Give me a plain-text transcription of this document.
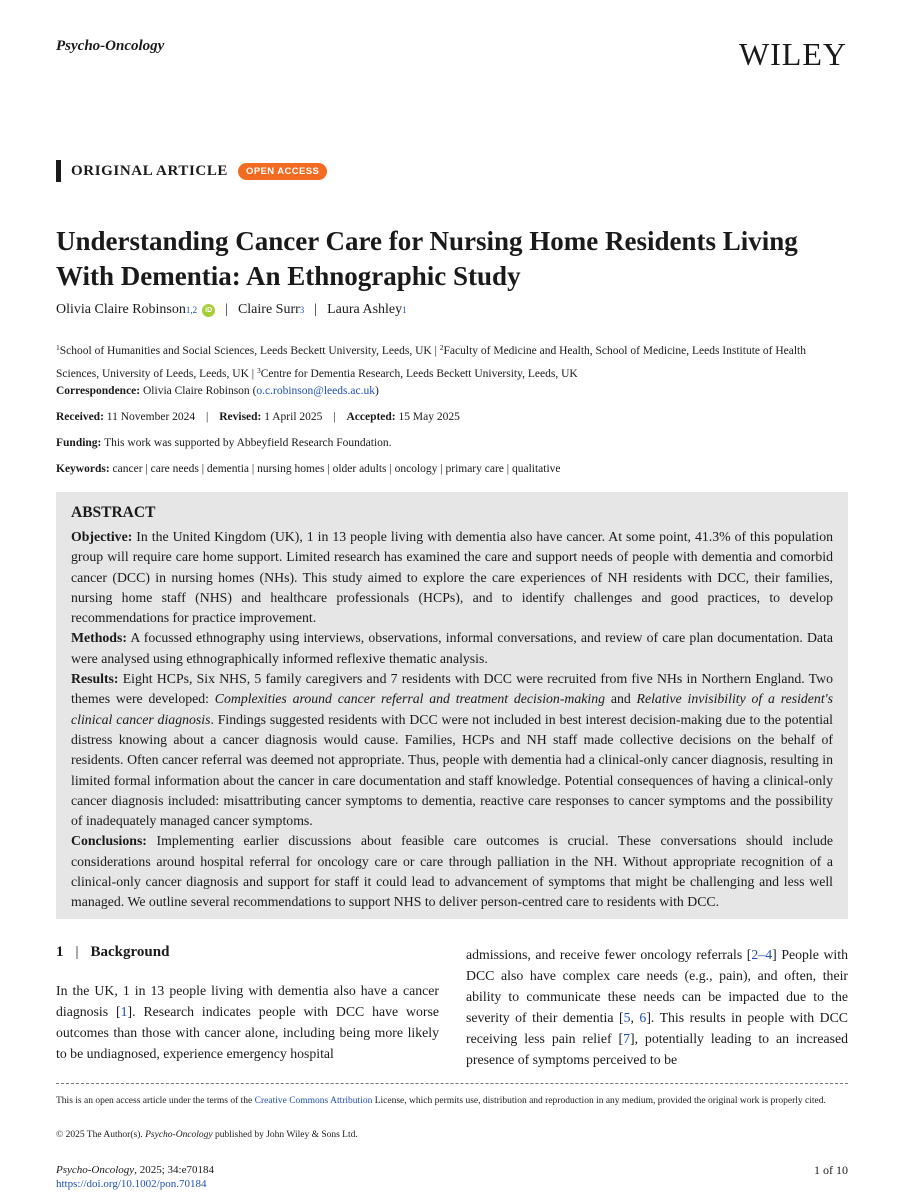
Psycho-Oncology	WILEY
ORIGINAL ARTICLE	OPEN ACCESS
Understanding Cancer Care for Nursing Home Residents Living With Dementia: An Ethnographic Study
Olivia Claire Robinson 1,2	iD | Claire Surr 3 | Laura Ashley 1
$^1$School of Humanities and Social Sciences, Leeds Beckett University, Leeds, UK | $^2$Faculty of Medicine and Health, School of Medicine, Leeds Institute of Health Sciences, University of Leeds, Leeds, UK | $^3$Centre for Dementia Research, Leeds Beckett University, Leeds, UK
Correspondence: Olivia Claire Robinson (o.c.robinson@leeds.ac.uk)
Received: 11 November 2024 | Revised: 1 April 2025 | Accepted: 15 May 2025
Funding: This work was supported by Abbeyfield Research Foundation.
Keywords: cancer | care needs | dementia | nursing homes | older adults | oncology | primary care | qualitative
ABSTRACT

Objective: In the United Kingdom (UK), 1 in 13 people living with dementia also have cancer. At some point, 41.3% of this population group will require care home support. Limited research has examined the care and support needs of people with dementia and comorbid cancer (DCC) in nursing homes (NHs). This study aimed to explore the care experiences of NH residents with DCC, their families, nursing home staff (NHS) and healthcare professionals (HCPs), and to identify challenges and good practices, to develop recommendations for practice improvement.

Methods: A focussed ethnography using interviews, observations, informal conversations, and review of care plan documentation. Data were analysed using ethnographically informed reflexive thematic analysis.

Results: Eight HCPs, Six NHS, 5 family caregivers and 7 residents with DCC were recruited from five NHs in Northern England. Two themes were developed: Complexities around cancer referral and treatment decision-making and Relative invisibility of a resident's clinical cancer diagnosis. Findings suggested residents with DCC were not included in best interest decision-making due to the potential distress knowing about a cancer diagnosis would cause. Families, HCPs and NH staff made collective decisions on the behalf of residents. Often cancer referral was deemed not appropriate. Thus, people with dementia had a clinical-only cancer diagnosis, resulting in limited formal information about the cancer in care documentation and staff knowledge. Potential consequences of having a clinical-only cancer diagnosis included: misattributing cancer symptoms to dementia, reactive care responses to cancer symptoms and the possibility of inadequately managed cancer symptoms.

Conclusions: Implementing earlier discussions about feasible care outcomes is crucial. These conversations should include considerations around hospital referral for oncology care or care through palliation in the NH. Without appropriate recognition of a clinical-only cancer diagnosis and support for staff it could lead to advancement of symptoms that might be challenging and less well managed. We outline several recommendations to support NHS to deliver person-centred care to residents with DCC.

1 | Background
In the UK, 1 in 13 people living with dementia also have a cancer diagnosis [1]. Research indicates people with DCC have worse outcomes than those with cancer alone, including being more likely to be undiagnosed, experience emergency hospital
admissions, and receive fewer oncology referrals [2–4] People with DCC also have complex care needs (e.g., pain), and often, their ability to communicate these needs can be impacted due to the severity of their dementia [5, 6]. This results in people with DCC receiving less pain relief [7], potentially leading to an increased presence of symptoms perceived to be
This is an open access article under the terms of the Creative Commons Attribution License, which permits use, distribution and reproduction in any medium, provided the original work is properly cited.
© 2025 The Author(s). Psycho-Oncology published by John Wiley & Sons Ltd.
Psycho-Oncology, 2025; 34:e70184
https://doi.org/10.1002/pon.70184
1 of 10
